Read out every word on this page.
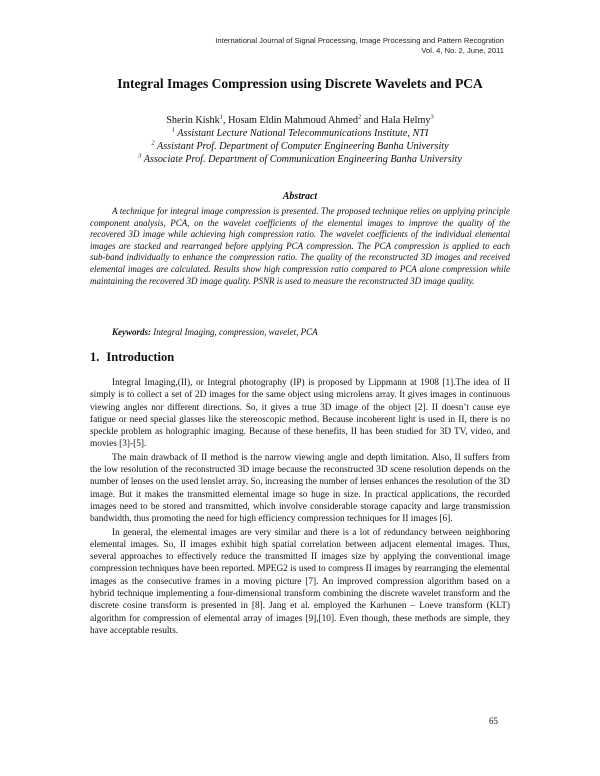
International Journal of Signal Processing, Image Processing and Pattern Recognition
Vol. 4, No. 2, June, 2011
Integral Images Compression using Discrete Wavelets and PCA
Sherin Kishk$^1$, Hosam Eldin Mahmoud Ahmed$^2$ and Hala Helmy$^3$
$^1$ Assistant Lecture National Telecommunications Institute, NTI
$^2$ Assistant Prof. Department of Computer Engineering Banha University
$^3$ Associate Prof. Department of Communication Engineering Banha University
Abstract

A technique for integral image compression is presented. The proposed technique relies on applying principle component analysis, PCA, on the wavelet coefficients of the elemental images to improve the quality of the recovered 3D image while achieving high compression ratio. The wavelet coefficients of the individual elemental images are stacked and rearranged before applying PCA compression. The PCA compression is applied to each sub-band individually to enhance the compression ratio. The quality of the reconstructed 3D images and received elemental images are calculated. Results show high compression ratio compared to PCA alone compression while maintaining the recovered 3D image quality. PSNR is used to measure the reconstructed 3D image quality.

Keywords: Integral Imaging, compression, wavelet, PCA
1. Introduction

Integral Imaging,(II), or Integral photography (IP) is proposed by Lippmann at 1908 [1].The idea of II simply is to collect a set of 2D images for the same object using microlens array. It gives images in continuous viewing angles nor different directions. So, it gives a true 3D image of the object [2]. II doesn’t cause eye fatigue or need special glasses like the stereoscopic method. Because incoherent light is used in II, there is no speckle problem as holographic imaging. Because of these benefits, II has been studied for 3D TV, video, and movies [3]-[5].

The main drawback of II method is the narrow viewing angle and depth limitation. Also, II suffers from the low resolution of the reconstructed 3D image because the reconstructed 3D scene resolution depends on the number of lenses on the used lenslet array. So, increasing the number of lenses enhances the resolution of the 3D image. But it makes the transmitted elemental image so huge in size. In practical applications, the recorded images need to be stored and transmitted, which involve considerable storage capacity and large transmission bandwidth, thus promoting the need for high efficiency compression techniques for II images [6].

In general, the elemental images are very similar and there is a lot of redundancy between neighboring elemental images. So, II images exhibit high spatial correlation between adjacent elemental images. Thus, several approaches to effectively reduce the transmitted II images size by applying the conventional image compression techniques have been reported. MPEG2 is used to compress II images by rearranging the elemental images as the consecutive frames in a moving picture [7]. An improved compression algorithm based on a hybrid technique implementing a four-dimensional transform combining the discrete wavelet transform and the discrete cosine transform is presented in [8]. Jang et al. employed the Karhunen – Loeve transform (KLT) algorithm for compression of elemental array of images [9],[10]. Even though, these methods are simple, they have acceptable results.

65
